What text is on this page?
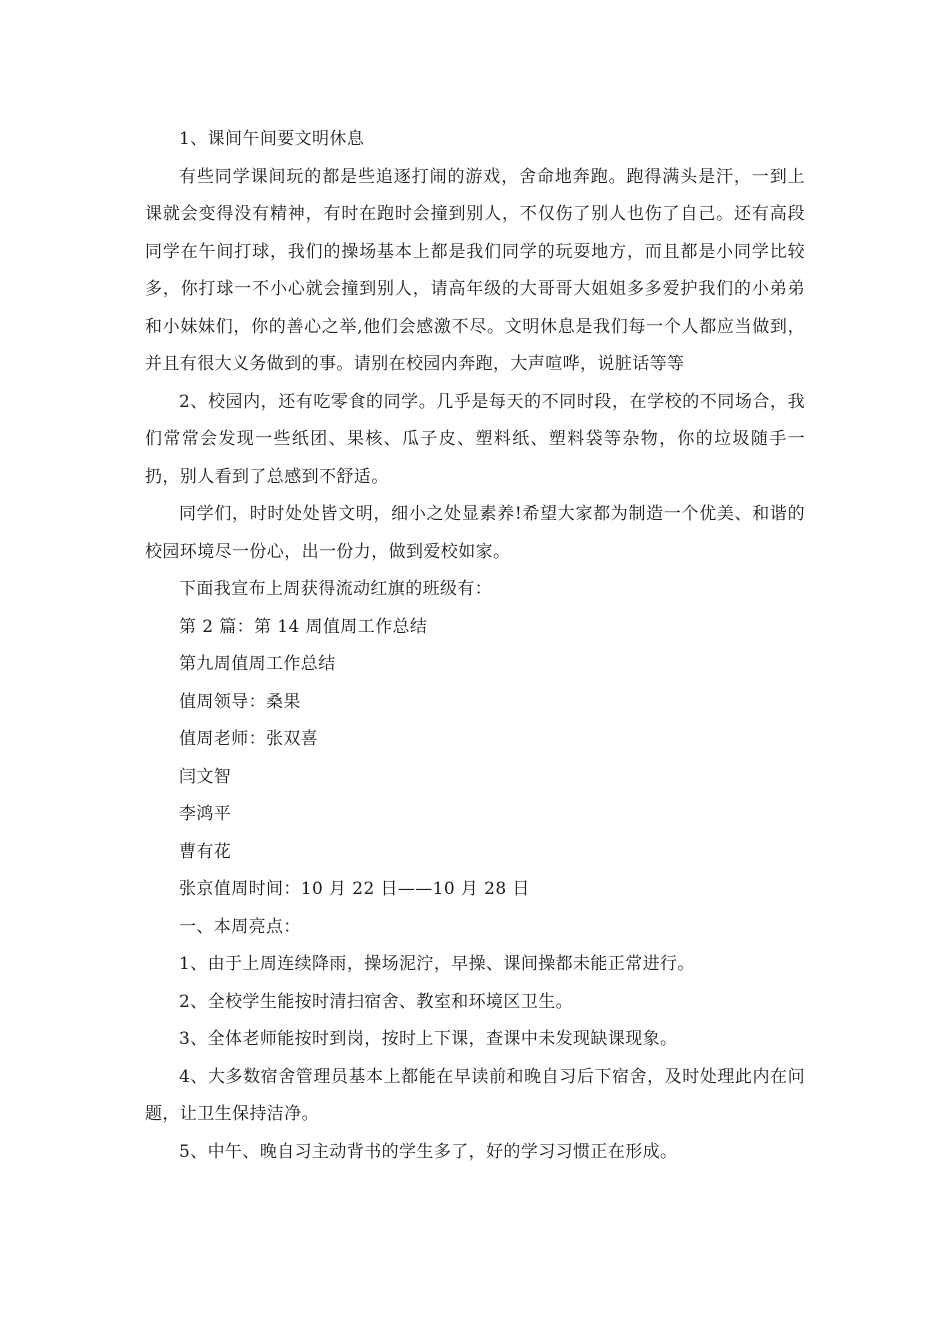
1、课间午间要文明休息

有些同学课间玩的都是些追逐打闹的游戏，舍命地奔跑。跑得满头是汗，一到上课就会变得没有精神，有时在跑时会撞到别人，不仅伤了别人也伤了自己。还有高段同学在午间打球，我们的操场基本上都是我们同学的玩耍地方，而且都是小同学比较多，你打球一不小心就会撞到别人，请高年级的大哥哥大姐姐多多爱护我们的小弟弟和小妹妹们，你的善心之举,他们会感激不尽。文明休息是我们每一个人都应当做到，并且有很大义务做到的事。请别在校园内奔跑，大声喧哗，说脏话等等

2、校园内，还有吃零食的同学。几乎是每天的不同时段，在学校的不同场合，我们常常会发现一些纸团、果核、瓜子皮、塑料纸、塑料袋等杂物，你的垃圾随手一扔，别人看到了总感到不舒适。

同学们，时时处处皆文明，细小之处显素养!希望大家都为制造一个优美、和谐的校园环境尽一份心，出一份力，做到爱校如家。

下面我宣布上周获得流动红旗的班级有：

第 2 篇：第 14 周值周工作总结

第九周值周工作总结

值周领导：桑果

值周老师：张双喜

闫文智

李鸿平

曹有花

张京值周时间：10 月 22 日——10 月 28 日

一、本周亮点：

1、由于上周连续降雨，操场泥泞，早操、课间操都未能正常进行。

2、全校学生能按时清扫宿舍、教室和环境区卫生。

3、全体老师能按时到岗，按时上下课，查课中未发现缺课现象。

4、大多数宿舍管理员基本上都能在早读前和晚自习后下宿舍，及时处理此内在问题，让卫生保持洁净。

5、中午、晚自习主动背书的学生多了，好的学习习惯正在形成。
